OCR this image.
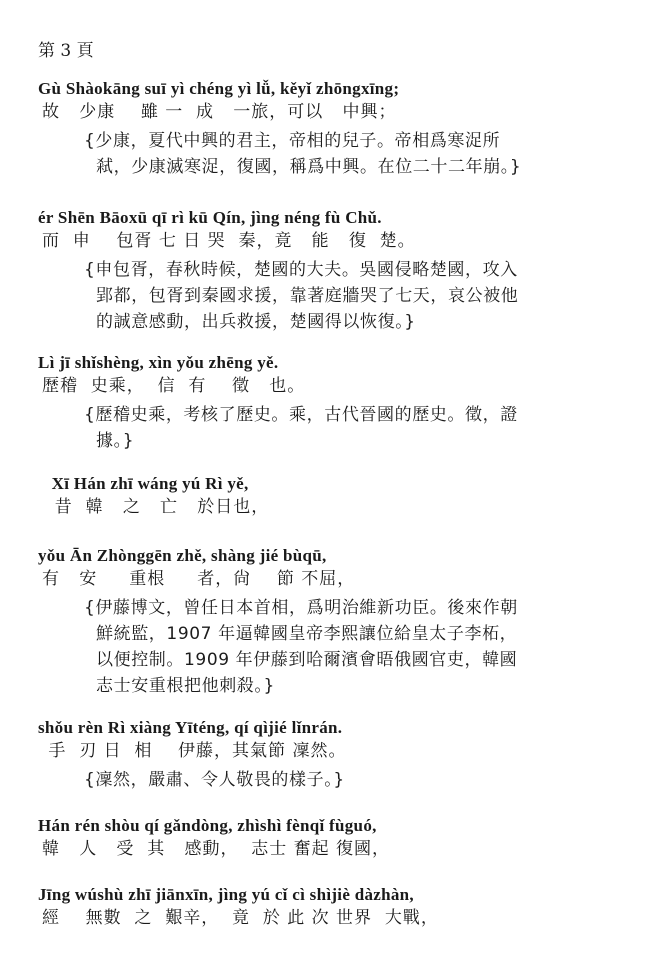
第 3 頁

Gù Shàokāng suī yì chéng yì lǚ, kěyǐ zhōngxīng;

故   少康    雖 一  成   一旅，可以   中興；

{少康，夏代中興的君主，帝相的兒子。帝相爲寒浞所
弒，少康滅寒浞，復國，稱爲中興。在位二十二年崩。}

ér Shēn Bāoxū qī rì kū Qín, jìng néng fù Chǔ.

而  申    包胥 七 日 哭  秦，竟   能   復  楚。

{申包胥，春秋時候，楚國的大夫。吳國侵略楚國，攻入
郢都，包胥到秦國求援，靠著庭牆哭了七天，哀公被他
的誠意感動，出兵救援，楚國得以恢復。}

Lì jī shǐshèng, xìn yǒu zhēng yě.

歷稽  史乘，  信  有    徵   也。

{歷稽史乘，考核了歷史。乘，古代晉國的歷史。徵，證
據。}

Xī Hán zhī wáng yú Rì yě,

昔  韓   之   亡   於日也，

yǒu Ān Zhònggēn zhě, shàng jié bùqū,

有   安     重根     者，尙    節 不屈，

{伊藤博文，曾任日本首相，爲明治維新功臣。後來作朝
鮮統監，1907 年逼韓國皇帝李熙讓位給皇太子李柘，
以便控制。1909 年伊藤到哈爾濱會晤俄國官吏，韓國
志士安重根把他刺殺。}

shǒu rèn Rì xiàng Yīténg, qí qìjié lǐnrán.

手  刃 日  相    伊藤，其氣節 凜然。

{凜然，嚴肅、令人敬畏的樣子。}

Hán rén shòu qí gǎndòng, zhìshì fènqǐ fùguó,

韓   人   受  其   感動，  志士 奮起 復國，

Jīng wúshù zhī jiānxīn, jìng yú cǐ cì shìjiè dàzhàn,

經    無數  之  艱辛，  竟  於 此 次 世界  大戰，
